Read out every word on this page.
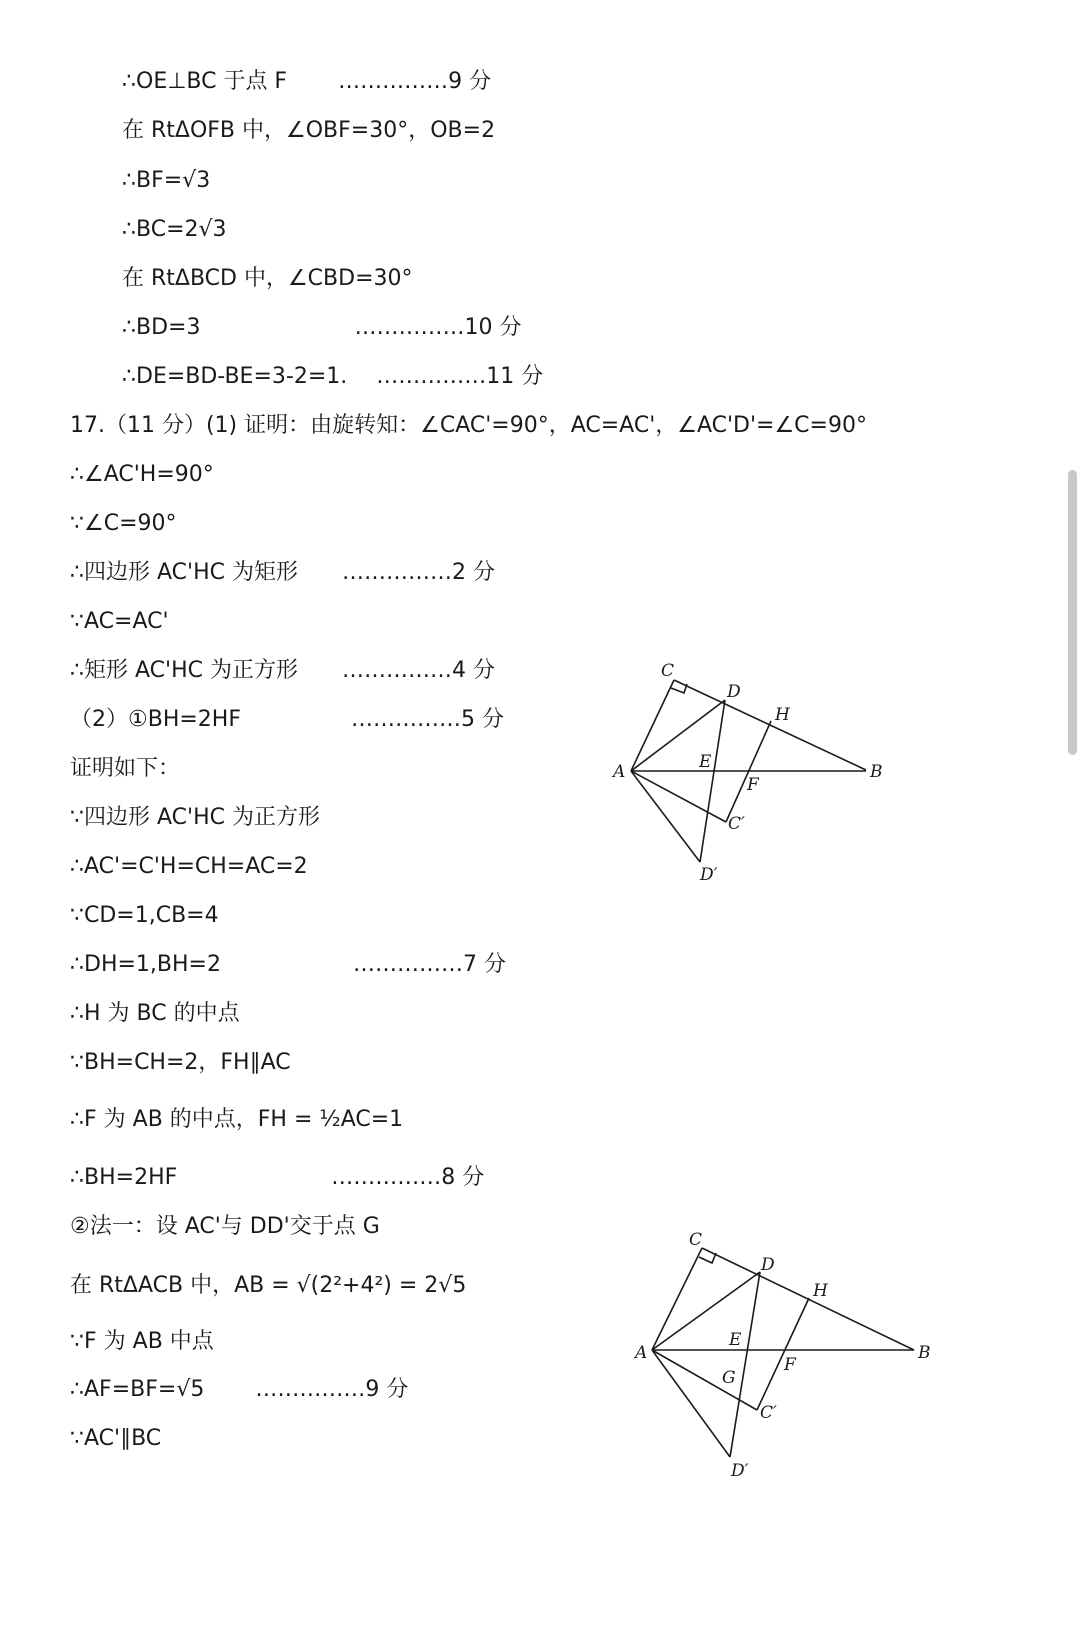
∴OE⊥BC 于点 F　　 ……………9 分
在 RtΔOFB 中，∠OBF=30°，OB=2
∴BF=√3
∴BC=2√3
在 RtΔBCD 中，∠CBD=30°
∴BD=3　　　　　　　……………10 分
∴DE=BD-BE=3-2=1.　 ……………11 分
17.（11 分）(1) 证明：由旋转知：∠CAC'=90°，AC=AC'，∠AC'D'=∠C=90°
∴∠AC'H=90°
∵∠C=90°
∴四边形 AC'HC 为矩形　　……………2 分
∵AC=AC'
∴矩形 AC'HC 为正方形　　……………4 分
（2）①BH=2HF　　　　　……………5 分
证明如下：
∵四边形 AC'HC 为正方形
∴AC'=C'H=CH=AC=2
∵CD=1,CB=4
∴DH=1,BH=2　　　　　　……………7 分
∴H 为 BC 的中点
∵BH=CH=2，FH∥AC
∴F 为 AB 的中点，FH = ½AC=1
∴BH=2HF　　　　　　　……………8 分
②法一：设 AC'与 DD'交于点 G
在 RtΔACB 中，AB = √(2²+4²) = 2√5
∵F 为 AB 中点
∴AF=BF=√5　　 ……………9 分
∵AC'∥BC
C
D
H
A	E
F
B
C′
D′
C
D
H
A
E
G
F
B
C′
D′
